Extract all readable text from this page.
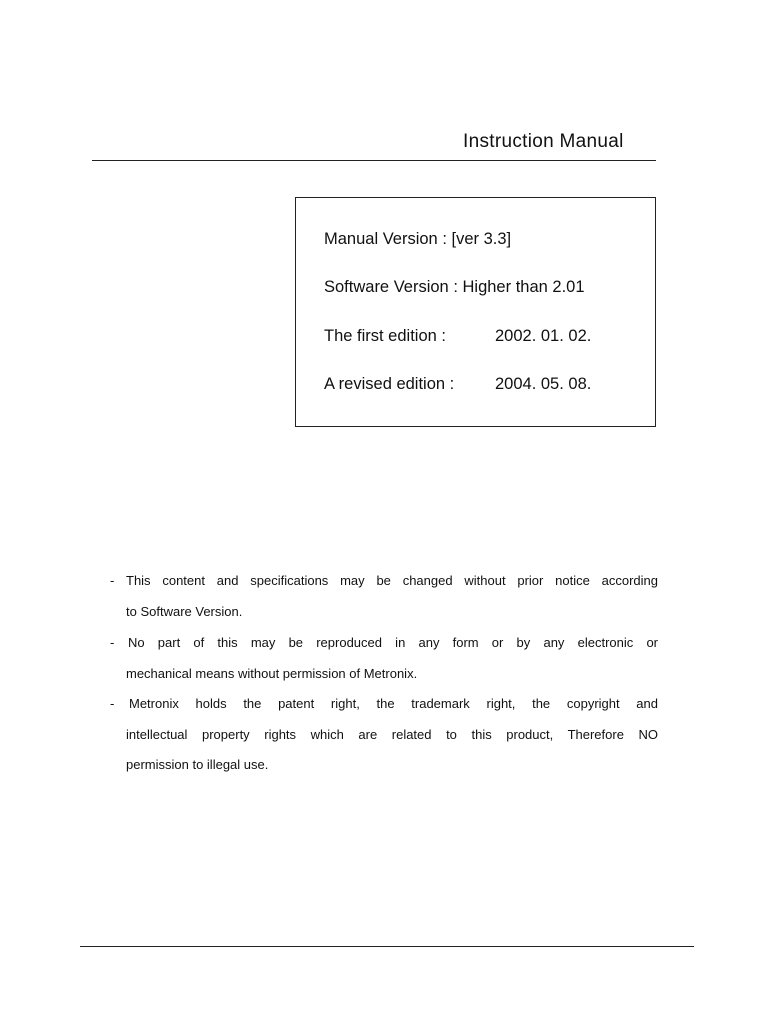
Instruction Manual
Manual Version : [ver 3.3]
Software Version : Higher than 2.01
The first edition :	2002. 01. 02.
A revised edition : 2004. 05. 08.
- This content and specifications may be changed without prior notice according
to Software Version.
- No part of this may be reproduced in any form or by any electronic or
mechanical means without permission of Metronix.
- Metronix holds the patent right, the trademark right, the copyright and
intellectual property rights which are related to this product, Therefore NO
permission to illegal use.
